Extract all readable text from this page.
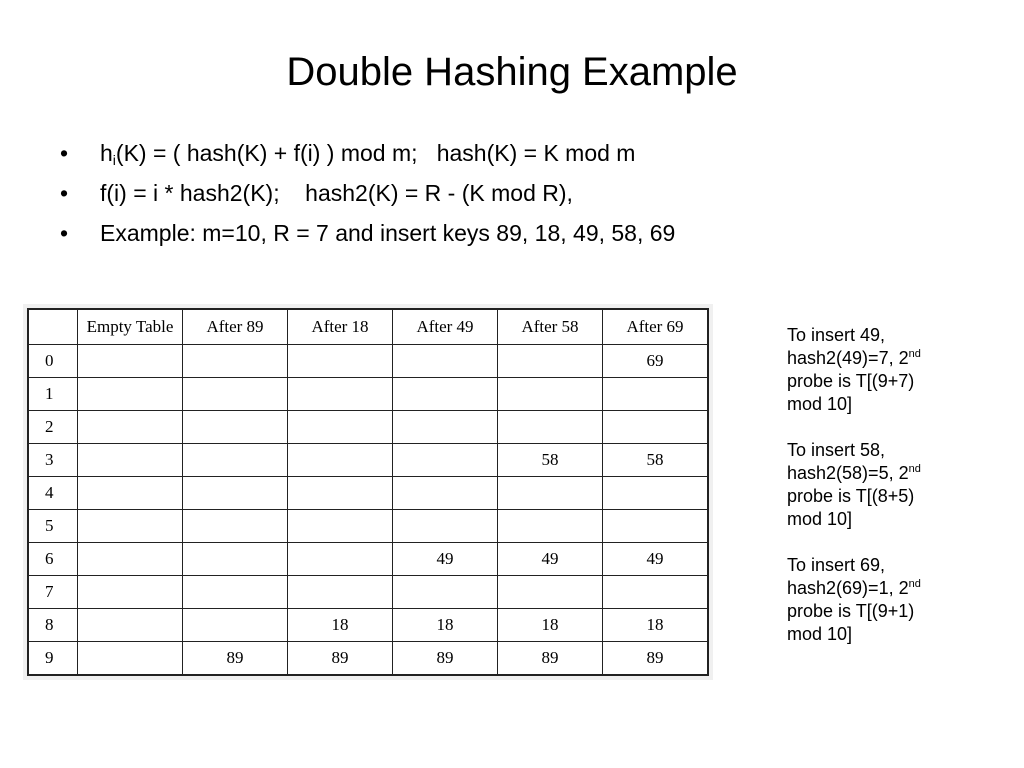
Double Hashing Example
• $h_i(K)$ = ( hash(K) + f(i) ) mod m;   hash(K) = K mod m
• f(i) = i * hash2(K);    hash2(K) = R - (K mod R),
• Example: m=10, R = 7 and insert keys 89, 18, 49, 58, 69
	Empty Table	After 89	After 18	After 49	After 58	After 69
0						69
1						
2						
3					58	58
4						
5						
6				49	49	49
7						
8			18	18	18	18
9		89	89	89	89	89

To insert 49,
hash2(49)=7, 2nd
probe is T[(9+7)
mod 10]

To insert 58,
hash2(58)=5, 2nd
probe is T[(8+5)
mod 10]

To insert 69,
hash2(69)=1, 2nd
probe is T[(9+1)
mod 10]
